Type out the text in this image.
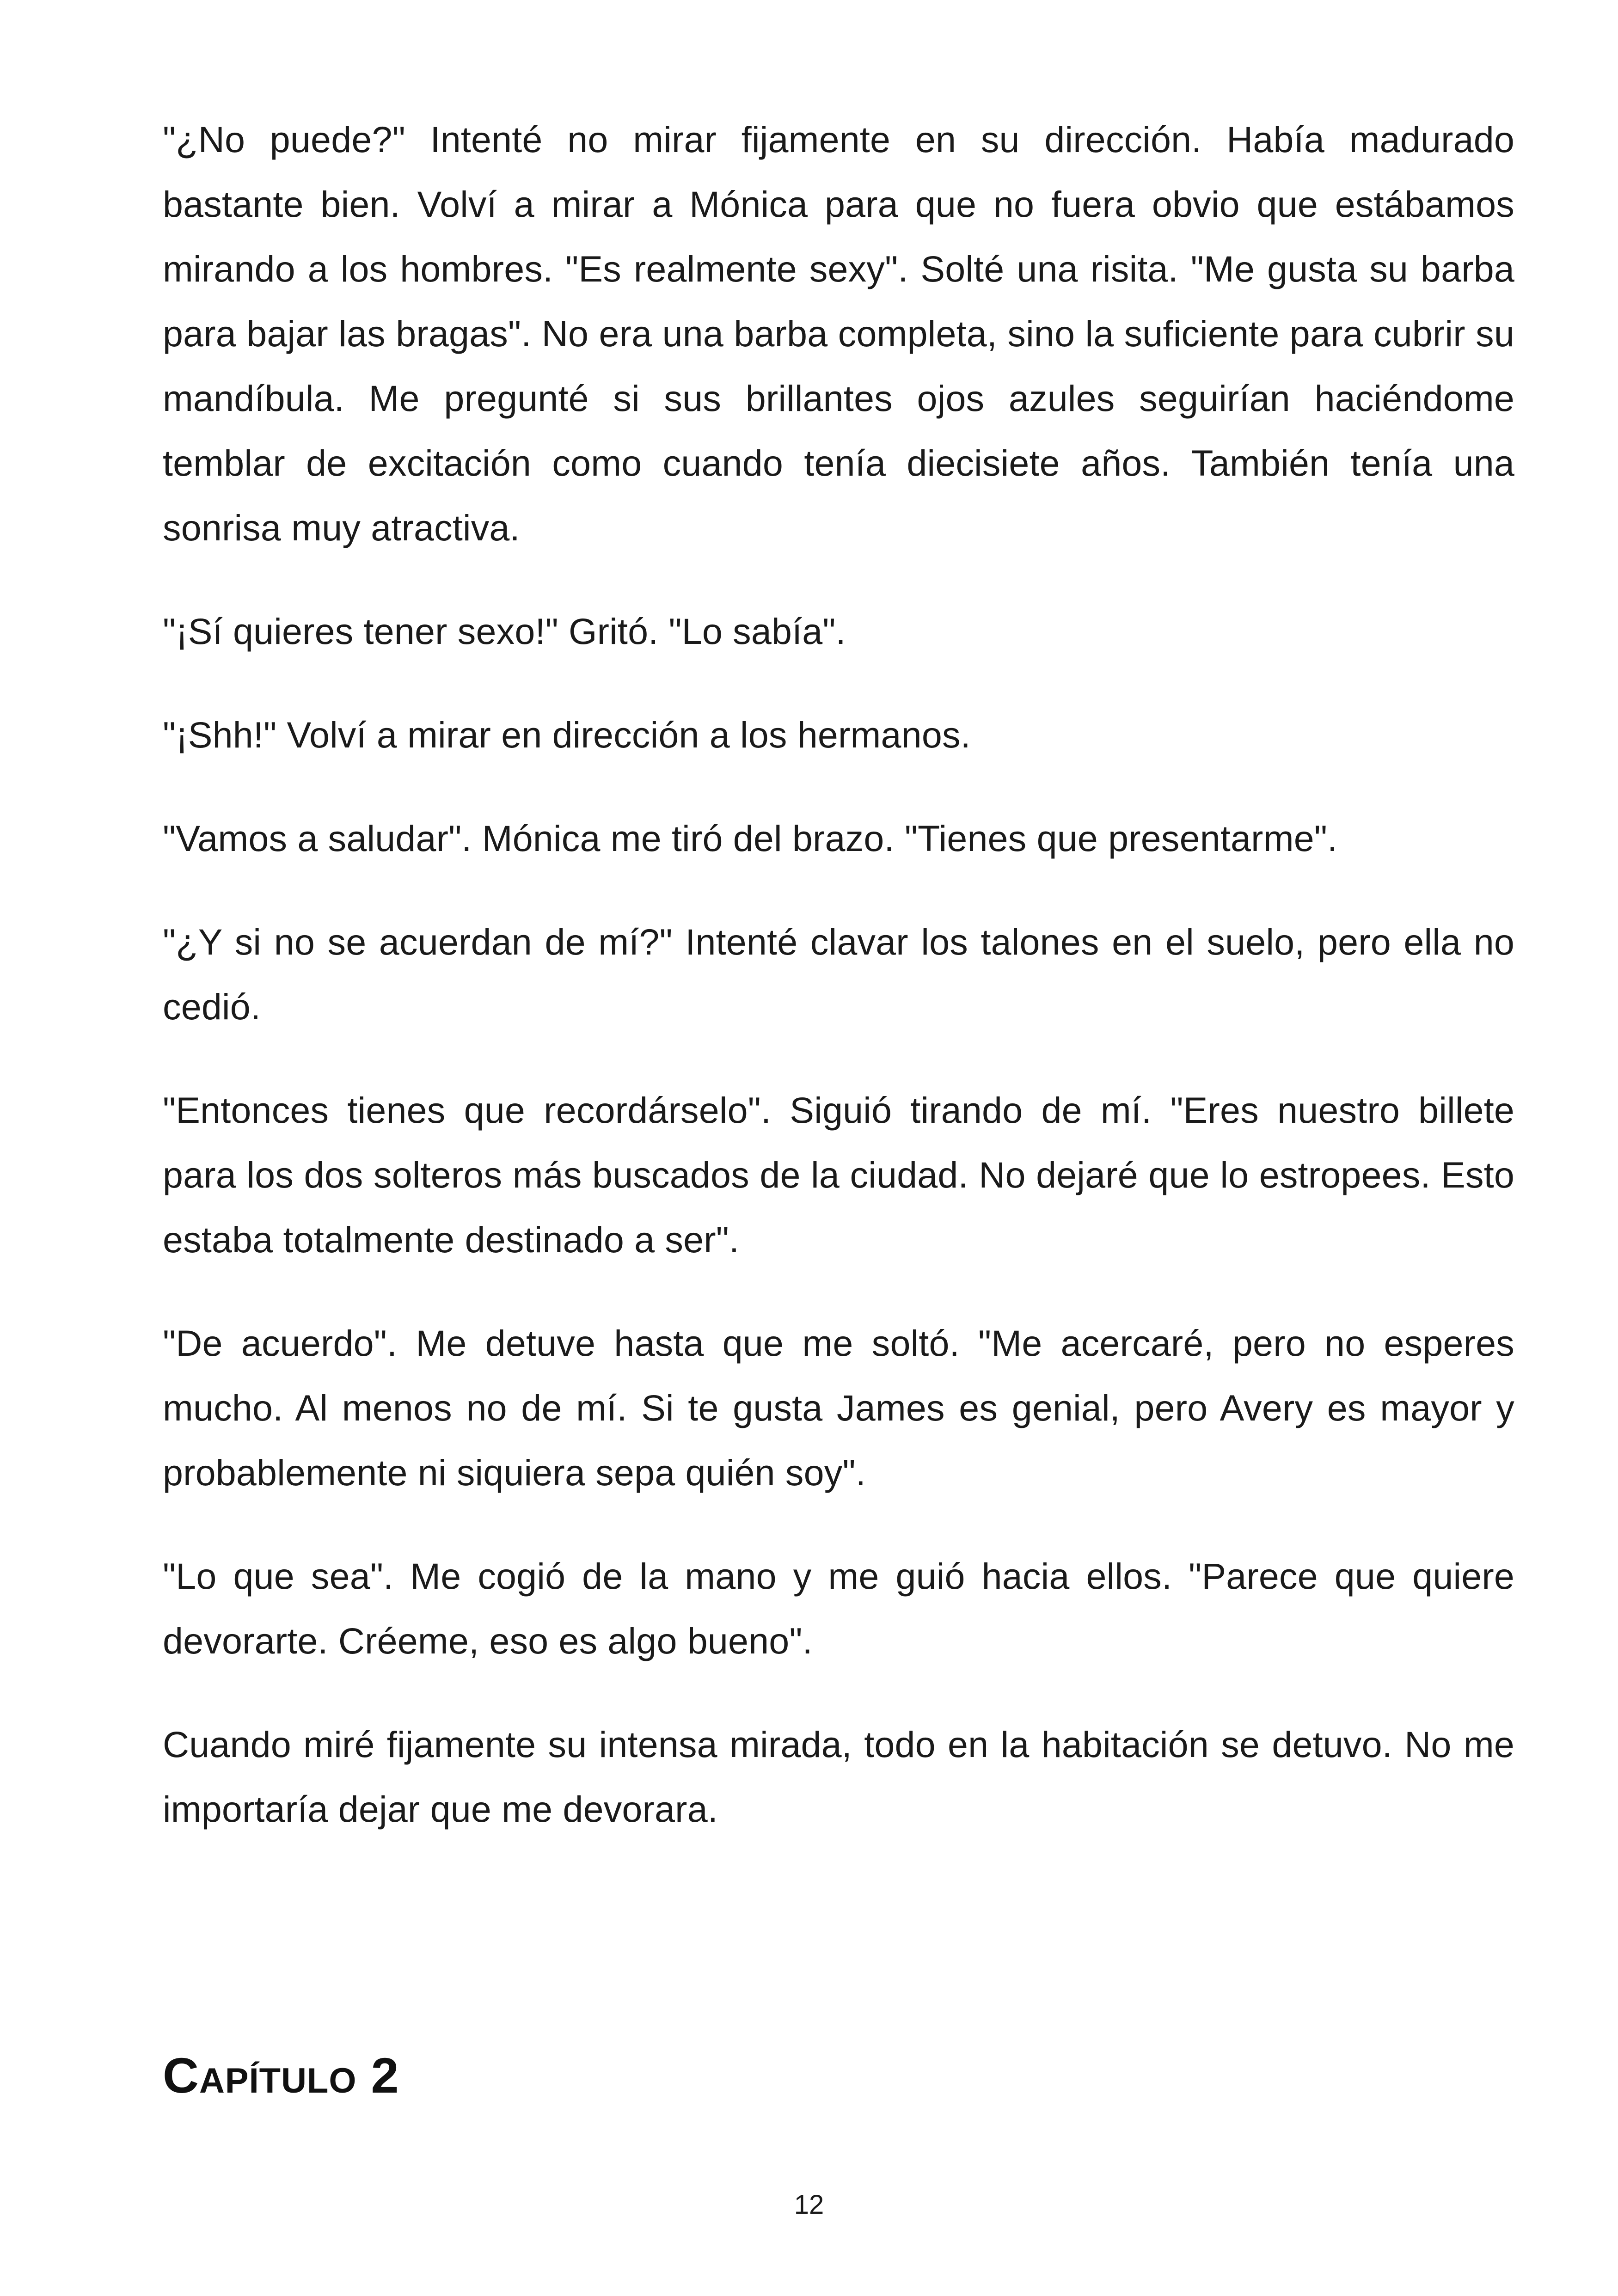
"¿No puede?" Intenté no mirar fijamente en su dirección. Había madurado bastante bien. Volví a mirar a Mónica para que no fuera obvio que estábamos mirando a los hombres. "Es realmente sexy". Solté una risita. "Me gusta su barba para bajar las bragas". No era una barba completa, sino la suficiente para cubrir su mandíbula. Me pregunté si sus brillantes ojos azules seguirían haciéndome temblar de excitación como cuando tenía diecisiete años. También tenía una sonrisa muy atractiva.

"¡Sí quieres tener sexo!" Gritó. "Lo sabía".

"¡Shh!" Volví a mirar en dirección a los hermanos.

"Vamos a saludar". Mónica me tiró del brazo. "Tienes que presentarme".

"¿Y si no se acuerdan de mí?" Intenté clavar los talones en el suelo, pero ella no cedió.

"Entonces tienes que recordárselo". Siguió tirando de mí. "Eres nuestro billete para los dos solteros más buscados de la ciudad. No dejaré que lo estropees. Esto estaba totalmente destinado a ser".

"De acuerdo". Me detuve hasta que me soltó. "Me acercaré, pero no esperes mucho. Al menos no de mí. Si te gusta James es genial, pero Avery es mayor y probablemente ni siquiera sepa quién soy".

"Lo que sea". Me cogió de la mano y me guió hacia ellos. "Parece que quiere devorarte. Créeme, eso es algo bueno".

Cuando miré fijamente su intensa mirada, todo en la habitación se detuvo. No me importaría dejar que me devorara.

Capítulo 2
12
